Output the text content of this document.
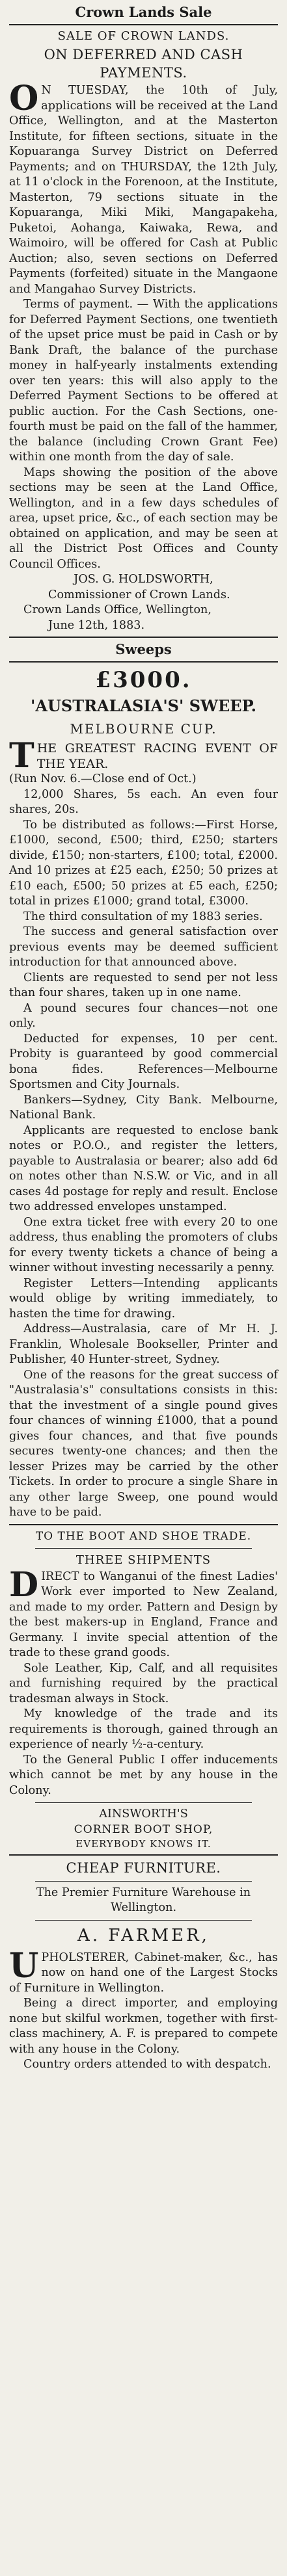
Crown Lands Sale
SALE OF CROWN LANDS.
ON DEFERRED AND CASH PAYMENTS.

O N TUESDAY, the 10th of July, applications will be received at the Land Office, Wellington, and at the Masterton Institute, for fifteen sections, situate in the Kopuaranga Survey District on Deferred Payments; and on THURSDAY, the 12th July, at 11 o'clock in the Forenoon, at the Institute, Masterton, 79 sections situate in the Kopuaranga, Miki Miki, Mangapakeha, Puketoi, Aohanga, Kaiwaka, Rewa, and Waimoiro, will be offered for Cash at Public Auction; also, seven sections on Deferred Payments (forfeited) situate in the Mangaone and Mangahao Survey Districts.

Terms of payment. — With the applications for Deferred Payment Sections, one twentieth of the upset price must be paid in Cash or by Bank Draft, the balance of the purchase money in half-yearly instalments extending over ten years: this will also apply to the Deferred Payment Sections to be offered at public auction. For the Cash Sections, one-fourth must be paid on the fall of the hammer, the balance (including Crown Grant Fee) within one month from the day of sale.

Maps showing the position of the above sections may be seen at the Land Office, Wellington, and in a few days schedules of area, upset price, &c., of each section may be obtained on application, and may be seen at all the District Post Offices and County Council Offices.

JOS. G. HOLDSWORTH,

Commissioner of Crown Lands.

Crown Lands Office, Wellington,

June 12th, 1883.

Sweeps
£3000.
'AUSTRALASIA'S' SWEEP.
MELBOURNE CUP.

THE GREATEST RACING EVENT OF THE YEAR.

(Run Nov. 6.—Close end of Oct.)

12,000 Shares, 5s each. An even four shares, 20s.

To be distributed as follows:—First Horse, £1000, second, £500; third, £250; starters divide, £150; non-starters, £100; total, £2000. And 10 prizes at £25 each, £250; 50 prizes at £10 each, £500; 50 prizes at £5 each, £250; total in prizes £1000; grand total, £3000.

The third consultation of my 1883 series.

The success and general satisfaction over previous events may be deemed sufficient introduction for that announced above.

Clients are requested to send per not less than four shares, taken up in one name.

A pound secures four chances—not one only.

Deducted for expenses, 10 per cent. Probity is guaranteed by good commercial bona fides. References—Melbourne Sportsmen and City Journals.

Bankers—Sydney, City Bank. Melbourne, National Bank.

Applicants are requested to enclose bank notes or P.O.O., and register the letters, payable to Australasia or bearer; also add 6d on notes other than N.S.W. or Vic, and in all cases 4d postage for reply and result. Enclose two addressed envelopes unstamped.

One extra ticket free with every 20 to one address, thus enabling the promoters of clubs for every twenty tickets a chance of being a winner without investing necessarily a penny.

Register Letters—Intending applicants would oblige by writing immediately, to hasten the time for drawing.

Address—Australasia, care of Mr H. J. Franklin, Wholesale Bookseller, Printer and Publisher, 40 Hunter-street, Sydney.

One of the reasons for the great success of "Australasia's" consultations consists in this: that the investment of a single pound gives four chances of winning £1000, that a pound gives four chances, and that five pounds secures twenty-one chances; and then the lesser Prizes may be carried by the other Tickets. In order to procure a single Share in any other large Sweep, one pound would have to be paid.

TO THE BOOT AND SHOE TRADE.
THREE SHIPMENTS

DIRECT to Wanganui of the finest Ladies' Work ever imported to New Zealand, and made to my order. Pattern and Design by the best makers-up in England, France and Germany. I invite special attention of the trade to these grand goods.

Sole Leather, Kip, Calf, and all requisites and furnishing required by the practical tradesman always in Stock.

My knowledge of the trade and its requirements is thorough, gained through an experience of nearly ½-a-century.

To the General Public I offer inducements which cannot be met by any house in the Colony.

AINSWORTH'S

CORNER BOOT SHOP,
EVERYBODY KNOWS IT.
CHEAP FURNITURE.

The Premier Furniture Warehouse in Wellington.

A. FARMER,

UPHOLSTERER, Cabinet-maker, &c., has now on hand one of the Largest Stocks of Furniture in Wellington.

Being a direct importer, and employing none but skilful workmen, together with first-class machinery, A. F. is prepared to compete with any house in the Colony.

Country orders attended to with despatch.
